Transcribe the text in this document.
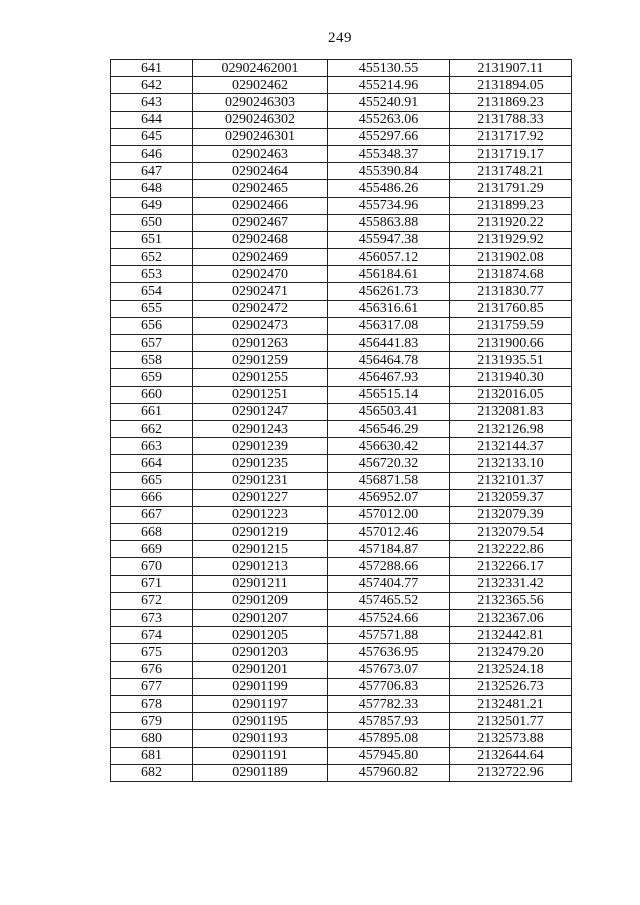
249
641	02902462001	455130.55	2131907.11
642	02902462	455214.96	2131894.05
643	0290246303	455240.91	2131869.23
644	0290246302	455263.06	2131788.33
645	0290246301	455297.66	2131717.92
646	02902463	455348.37	2131719.17
647	02902464	455390.84	2131748.21
648	02902465	455486.26	2131791.29
649	02902466	455734.96	2131899.23
650	02902467	455863.88	2131920.22
651	02902468	455947.38	2131929.92
652	02902469	456057.12	2131902.08
653	02902470	456184.61	2131874.68
654	02902471	456261.73	2131830.77
655	02902472	456316.61	2131760.85
656	02902473	456317.08	2131759.59
657	02901263	456441.83	2131900.66
658	02901259	456464.78	2131935.51
659	02901255	456467.93	2131940.30
660	02901251	456515.14	2132016.05
661	02901247	456503.41	2132081.83
662	02901243	456546.29	2132126.98
663	02901239	456630.42	2132144.37
664	02901235	456720.32	2132133.10
665	02901231	456871.58	2132101.37
666	02901227	456952.07	2132059.37
667	02901223	457012.00	2132079.39
668	02901219	457012.46	2132079.54
669	02901215	457184.87	2132222.86
670	02901213	457288.66	2132266.17
671	02901211	457404.77	2132331.42
672	02901209	457465.52	2132365.56
673	02901207	457524.66	2132367.06
674	02901205	457571.88	2132442.81
675	02901203	457636.95	2132479.20
676	02901201	457673.07	2132524.18
677	02901199	457706.83	2132526.73
678	02901197	457782.33	2132481.21
679	02901195	457857.93	2132501.77
680	02901193	457895.08	2132573.88
681	02901191	457945.80	2132644.64
682	02901189	457960.82	2132722.96
